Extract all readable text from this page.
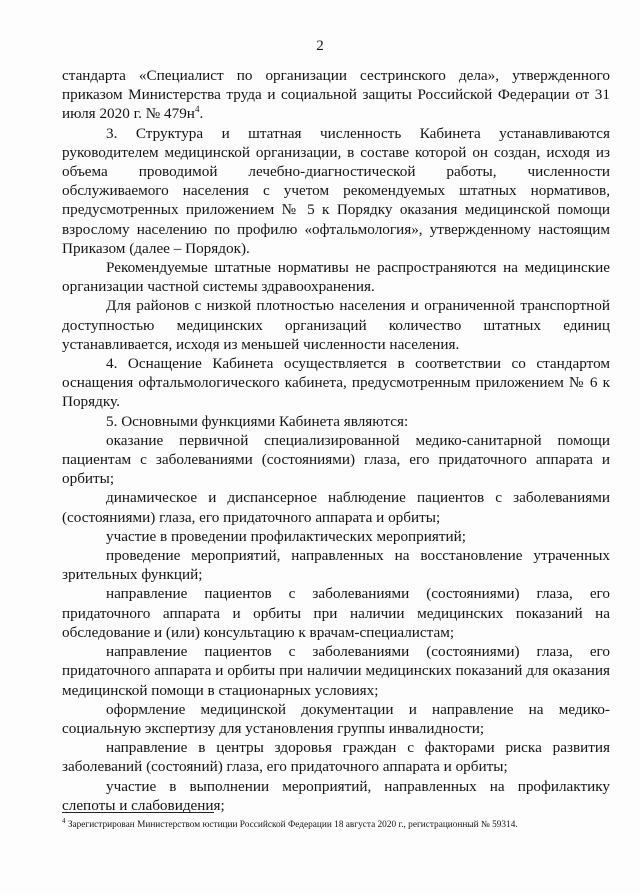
2

стандарта «Специалист по организации сестринского дела», утвержденного приказом Министерства труда и социальной защиты Российской Федерации от 31 июля 2020 г. № $479н^4$.

3. Структура и штатная численность Кабинета устанавливаются руководителем медицинской организации, в составе которой он создан, исходя из объема проводимой лечебно-диагностической работы, численности обслуживаемого населения с учетом рекомендуемых штатных нормативов, предусмотренных приложением № 5 к Порядку оказания медицинской помощи взрослому населению по профилю «офтальмология», утвержденному настоящим Приказом (далее – Порядок).

Рекомендуемые штатные нормативы не распространяются на медицинские организации частной системы здравоохранения.

Для районов с низкой плотностью населения и ограниченной транспортной доступностью медицинских организаций количество штатных единиц устанавливается, исходя из меньшей численности населения.

4. Оснащение Кабинета осуществляется в соответствии со стандартом оснащения офтальмологического кабинета, предусмотренным приложением № 6 к Порядку.

5. Основными функциями Кабинета являются:

оказание первичной специализированной медико-санитарной помощи пациентам с заболеваниями (состояниями) глаза, его придаточного аппарата и орбиты;

динамическое и диспансерное наблюдение пациентов с заболеваниями (состояниями) глаза, его придаточного аппарата и орбиты;

участие в проведении профилактических мероприятий;

проведение мероприятий, направленных на восстановление утраченных зрительных функций;

направление пациентов с заболеваниями (состояниями) глаза, его придаточного аппарата и орбиты при наличии медицинских показаний на обследование и (или) консультацию к врачам-специалистам;

направление пациентов с заболеваниями (состояниями) глаза, его придаточного аппарата и орбиты при наличии медицинских показаний для оказания медицинской помощи в стационарных условиях;

оформление медицинской документации и направление на медико-социальную экспертизу для установления группы инвалидности;

направление в центры здоровья граждан с факторами риска развития заболеваний (состояний) глаза, его придаточного аппарата и орбиты;

участие в выполнении мероприятий, направленных на профилактику слепоты и слабовидения;

$^4$ Зарегистрирован Министерством юстиции Российской Федерации 18 августа 2020 г., регистрационный № 59314.
